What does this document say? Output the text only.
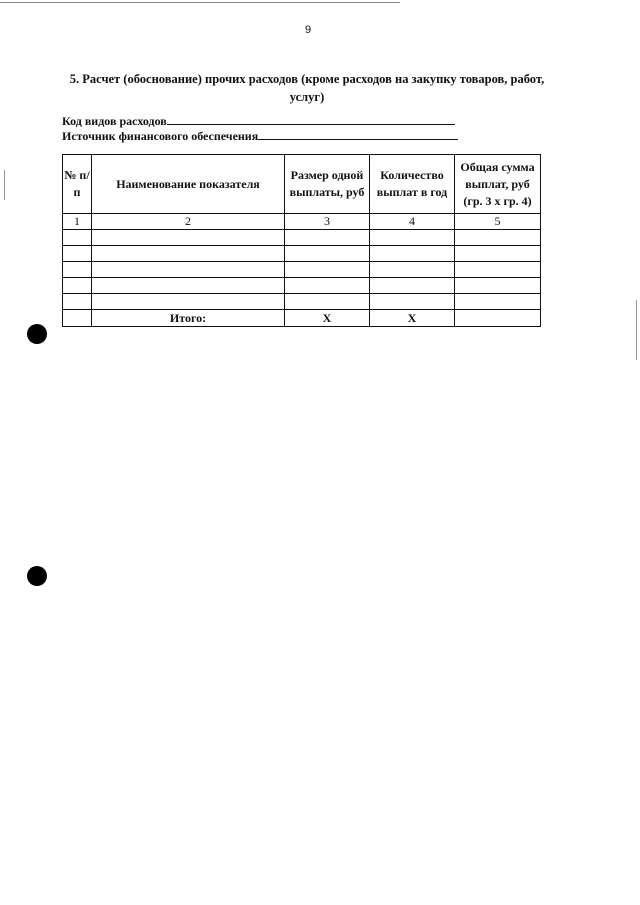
9
5. Расчет (обоснование) прочих расходов (кроме расходов на закупку товаров, работ, услуг)
Код видов расходов
Источник финансового обеспечения
№ п/п	Наименование показателя	Размер одной выплаты, руб	Количество выплат в год	Общая сумма выплат, руб (гр. 3 х гр. 4)
1	2	3	4	5

	Итого:	X	X	
